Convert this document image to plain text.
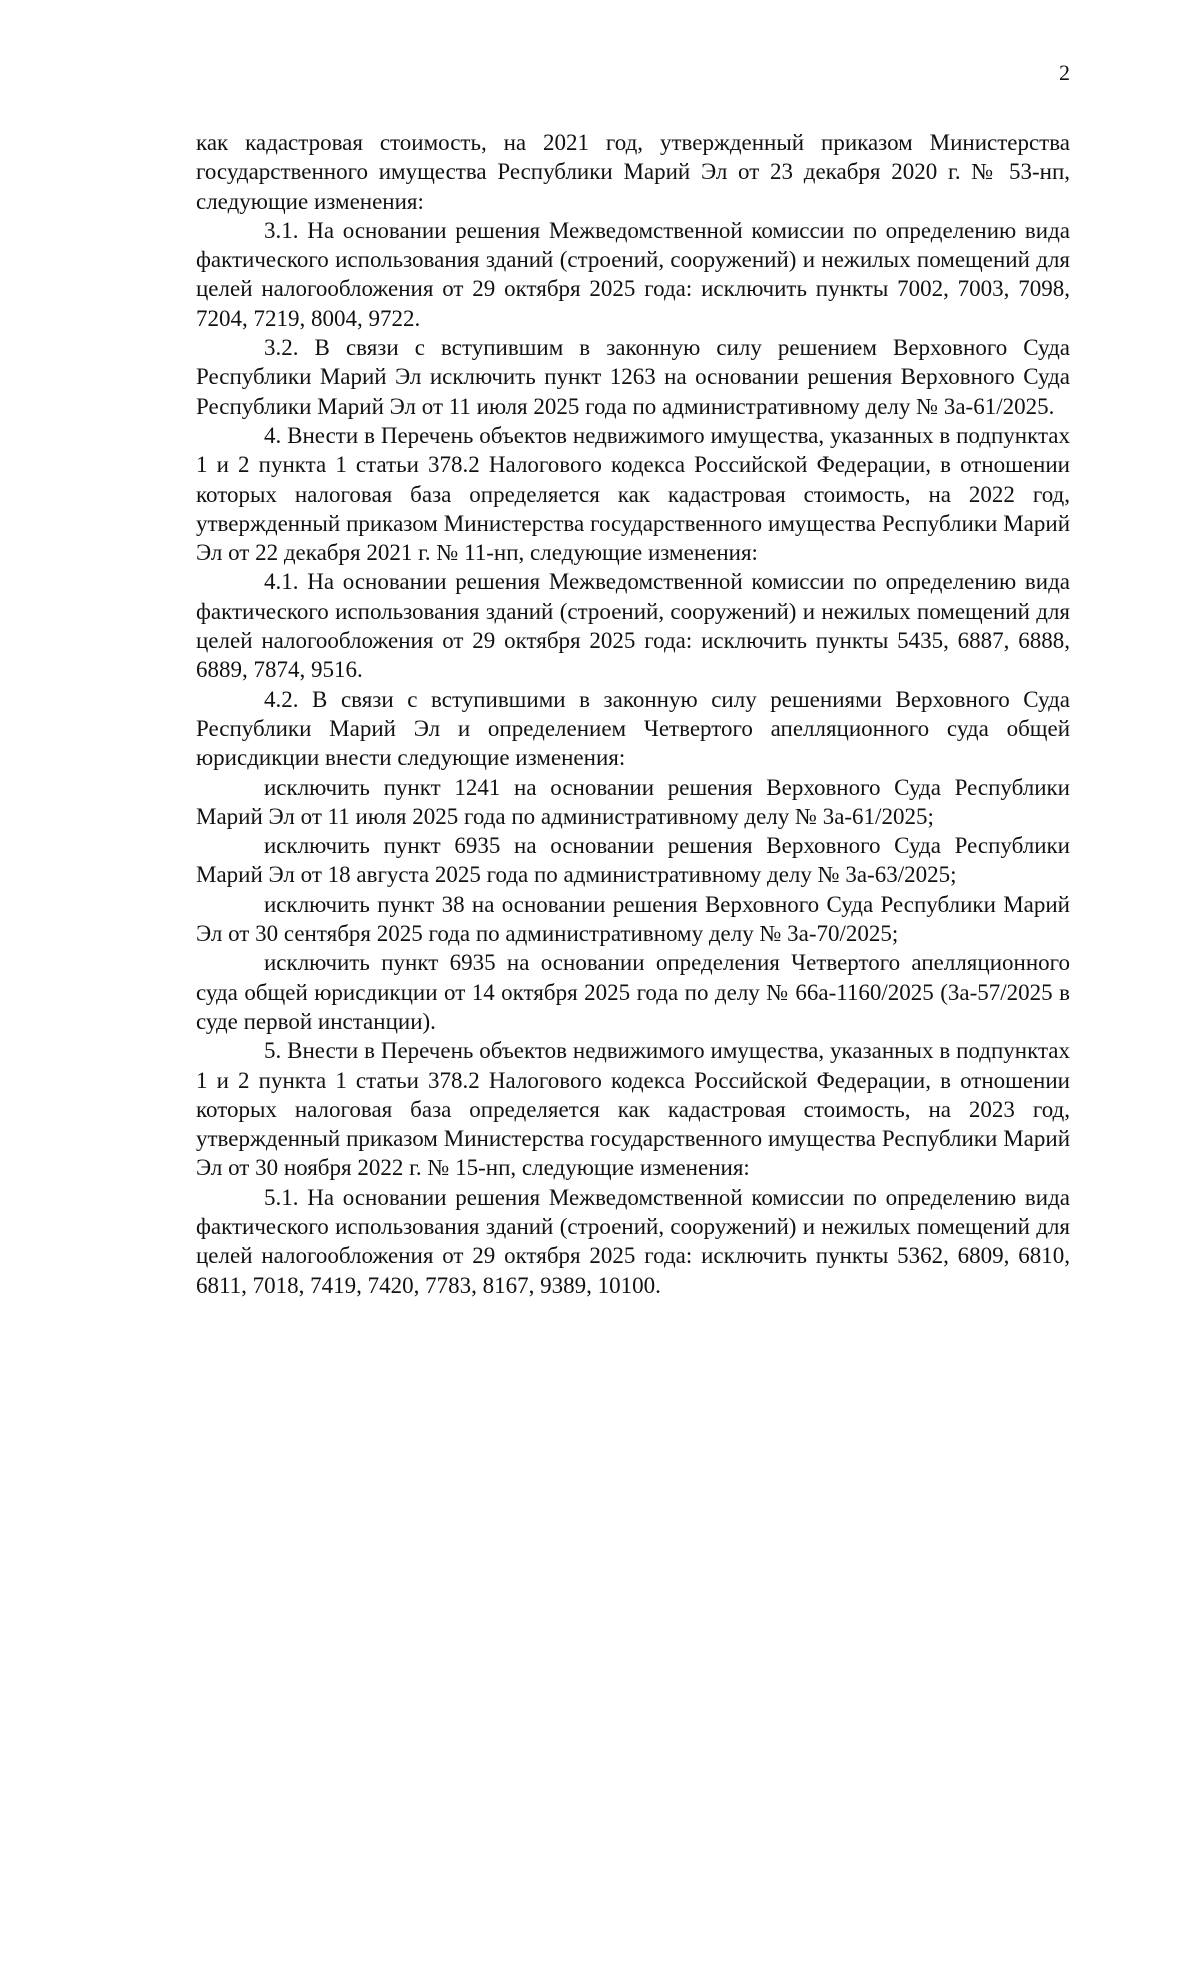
2

как кадастровая стоимость, на 2021 год, утвержденный приказом Министерства государственного имущества Республики Марий Эл от 23 декабря 2020 г. № 53-нп, следующие изменения:

3.1. На основании решения Межведомственной комиссии по определению вида фактического использования зданий (строений, сооружений) и нежилых помещений для целей налогообложения от 29 октября 2025 года: исключить пункты 7002, 7003, 7098, 7204, 7219, 8004, 9722.

3.2. В связи с вступившим в законную силу решением Верховного Суда Республики Марий Эл исключить пункт 1263 на основании решения Верховного Суда Республики Марий Эл от 11 июля 2025 года по административному делу № 3а-61/2025.

4. Внести в Перечень объектов недвижимого имущества, указанных в подпунктах 1 и 2 пункта 1 статьи 378.2 Налогового кодекса Российской Федерации, в отношении которых налоговая база определяется как кадастровая стоимость, на 2022 год, утвержденный приказом Министерства государственного имущества Республики Марий Эл от 22 декабря 2021 г. № 11-нп, следующие изменения:

4.1. На основании решения Межведомственной комиссии по определению вида фактического использования зданий (строений, сооружений) и нежилых помещений для целей налогообложения от 29 октября 2025 года: исключить пункты 5435, 6887, 6888, 6889, 7874, 9516.

4.2. В связи с вступившими в законную силу решениями Верховного Суда Республики Марий Эл и определением Четвертого апелляционного суда общей юрисдикции внести следующие изменения:

исключить пункт 1241 на основании решения Верховного Суда Республики Марий Эл от 11 июля 2025 года по административному делу № 3а-61/2025;

исключить пункт 6935 на основании решения Верховного Суда Республики Марий Эл от 18 августа 2025 года по административному делу № 3а-63/2025;

исключить пункт 38 на основании решения Верховного Суда Республики Марий Эл от 30 сентября 2025 года по административному делу № 3а-70/2025;

исключить пункт 6935 на основании определения Четвертого апелляционного суда общей юрисдикции от 14 октября 2025 года по делу № 66а-1160/2025 (3а-57/2025 в суде первой инстанции).

5. Внести в Перечень объектов недвижимого имущества, указанных в подпунктах 1 и 2 пункта 1 статьи 378.2 Налогового кодекса Российской Федерации, в отношении которых налоговая база определяется как кадастровая стоимость, на 2023 год, утвержденный приказом Министерства государственного имущества Республики Марий Эл от 30 ноября 2022 г. № 15-нп, следующие изменения:

5.1. На основании решения Межведомственной комиссии по определению вида фактического использования зданий (строений, сооружений) и нежилых помещений для целей налогообложения от 29 октября 2025 года: исключить пункты 5362, 6809, 6810, 6811, 7018, 7419, 7420, 7783, 8167, 9389, 10100.
